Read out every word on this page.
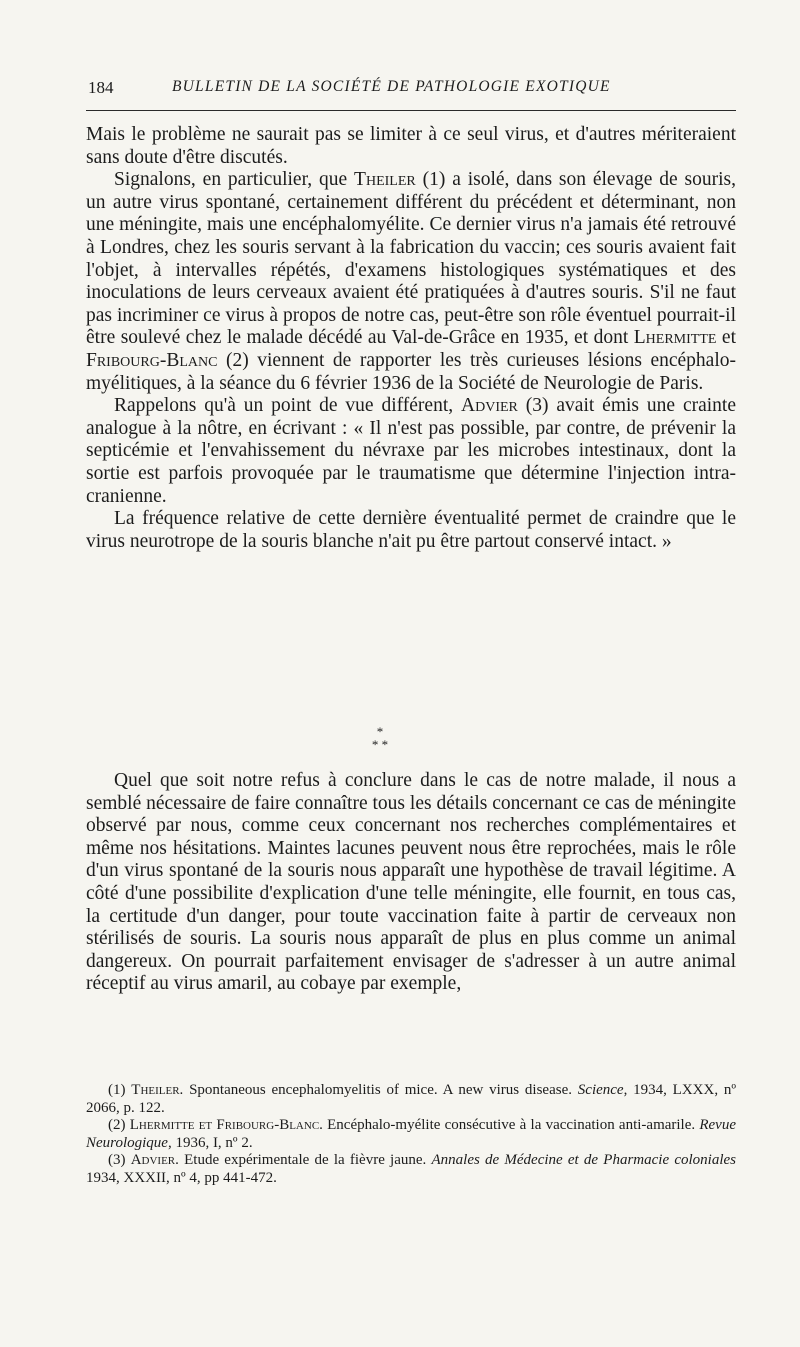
184	BULLETIN DE LA SOCIÉTÉ DE PATHOLOGIE EXOTIQUE

Mais le problème ne saurait pas se limiter à ce seul virus, et d'autres mériteraient sans doute d'être discutés.

Signalons, en particulier, que Theiler (1) a isolé, dans son élevage de souris, un autre virus spontané, certainement différent du précédent et déterminant, non une méningite, mais une encéphalomyélite. Ce dernier virus n'a jamais été retrouvé à Londres, chez les souris servant à la fabrication du vaccin; ces souris avaient fait l'objet, à intervalles répétés, d'examens histologiques systématiques et des inoculations de leurs cerveaux avaient été pratiquées à d'autres souris. S'il ne faut pas incriminer ce virus à propos de notre cas, peut-être son rôle éventuel pourrait-il être soulevé chez le malade décédé au Val-de-Grâce en 1935, et dont Lhermitte et Fribourg-Blanc (2) viennent de rapporter les très curieuses lésions encéphalo-myélitiques, à la séance du 6 février 1936 de la Société de Neurologie de Paris.

Rappelons qu'à un point de vue différent, Advier (3) avait émis une crainte analogue à la nôtre, en écrivant : « Il n'est pas possible, par contre, de prévenir la septicémie et l'envahissement du névraxe par les microbes intestinaux, dont la sortie est parfois provoquée par le traumatisme que détermine l'injection intra-cranienne.

La fréquence relative de cette dernière éventualité permet de craindre que le virus neurotrope de la souris blanche n'ait pu être partout conservé intact. »

*
* *

Quel que soit notre refus à conclure dans le cas de notre malade, il nous a semblé nécessaire de faire connaître tous les détails concernant ce cas de méningite observé par nous, comme ceux concernant nos recherches complémentaires et même nos hésitations. Maintes lacunes peuvent nous être reprochées, mais le rôle d'un virus spontané de la souris nous apparaît une hypothèse de travail légitime. A côté d'une possibilite d'explication d'une telle méningite, elle fournit, en tous cas, la certitude d'un danger, pour toute vaccination faite à partir de cerveaux non stérilisés de souris. La souris nous apparaît de plus en plus comme un animal dangereux. On pourrait parfaitement envisager de s'adresser à un autre animal réceptif au virus amaril, au cobaye par exemple,

(1) Theiler. Spontaneous encephalomyelitis of mice. A new virus disease. Science, 1934, LXXX, nº 2066, p. 122.

(2) Lhermitte et Fribourg-Blanc. Encéphalo-myélite consécutive à la vaccination anti-amarile. Revue Neurologique, 1936, I, nº 2.

(3) Advier. Etude expérimentale de la fièvre jaune. Annales de Médecine et de Pharmacie coloniales 1934, XXXII, nº 4, pp 441-472.
